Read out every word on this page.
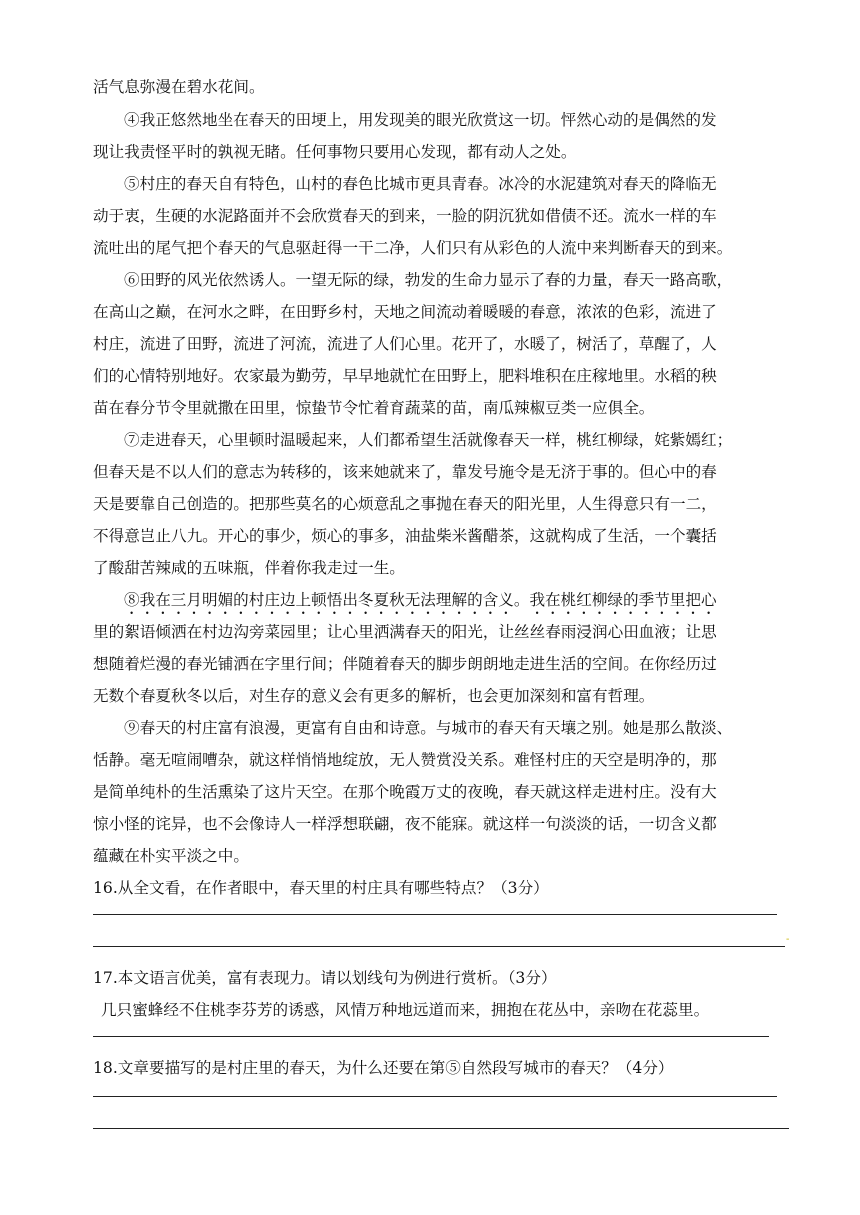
活气息弥漫在碧水花间。
④我正悠然地坐在春天的田埂上，用发现美的眼光欣赏这一切。怦然心动的是偶然的发
现让我责怪平时的孰视无睹。任何事物只要用心发现，都有动人之处。
⑤村庄的春天自有特色，山村的春色比城市更具青春。冰冷的水泥建筑对春天的降临无
动于衷，生硬的水泥路面并不会欣赏春天的到来，一脸的阴沉犹如借债不还。流水一样的车
流吐出的尾气把个春天的气息驱赶得一干二净，人们只有从彩色的人流中来判断春天的到来。
⑥田野的风光依然诱人。一望无际的绿，勃发的生命力显示了春的力量，春天一路高歌，
在高山之巅，在河水之畔，在田野乡村，天地之间流动着暖暖的春意，浓浓的色彩，流进了
村庄，流进了田野，流进了河流，流进了人们心里。花开了，水暖了，树活了，草醒了，人
们的心情特别地好。农家最为勤劳，早早地就忙在田野上，肥料堆积在庄稼地里。水稻的秧
苗在春分节令里就撒在田里，惊蛰节令忙着育蔬菜的苗，南瓜辣椒豆类一应俱全。
⑦走进春天，心里顿时温暖起来，人们都希望生活就像春天一样，桃红柳绿，姹紫嫣红；
但春天是不以人们的意志为转移的，该来她就来了，靠发号施令是无济于事的。但心中的春
天是要靠自己创造的。把那些莫名的心烦意乱之事抛在春天的阳光里，人生得意只有一二，
不得意岂止八九。开心的事少，烦心的事多，油盐柴米酱醋茶，这就构成了生活，一个囊括
了酸甜苦辣咸的五味瓶，伴着你我走过一生。
⑧我在三月明媚的村庄边上顿悟出冬夏秋无法理解的含义。我在桃红柳绿的季节里把心
里的絮语倾洒在村边沟旁菜园里；让心里洒满春天的阳光，让丝丝春雨浸润心田血液；让思
想随着烂漫的春光铺洒在字里行间；伴随着春天的脚步朗朗地走进生活的空间。在你经历过
无数个春夏秋冬以后，对生存的意义会有更多的解析，也会更加深刻和富有哲理。
⑨春天的村庄富有浪漫，更富有自由和诗意。与城市的春天有天壤之别。她是那么散淡、
恬静。毫无喧闹嘈杂，就这样悄悄地绽放，无人赞赏没关系。难怪村庄的天空是明净的，那
是简单纯朴的生活熏染了这片天空。在那个晚霞万丈的夜晚，春天就这样走进村庄。没有大
惊小怪的诧异，也不会像诗人一样浮想联翩，夜不能寐。就这样一句淡淡的话，一切含义都
蕴藏在朴实平淡之中。
16.从全文看，在作者眼中，春天里的村庄具有哪些特点？（3分）
-
17.本文语言优美，富有表现力。请以划线句为例进行赏析。（3分）
几只蜜蜂经不住桃李芬芳的诱惑，风情万种地远道而来，拥抱在花丛中，亲吻在花蕊里。
18.文章要描写的是村庄里的春天，为什么还要在第⑤自然段写城市的春天？（4分）
